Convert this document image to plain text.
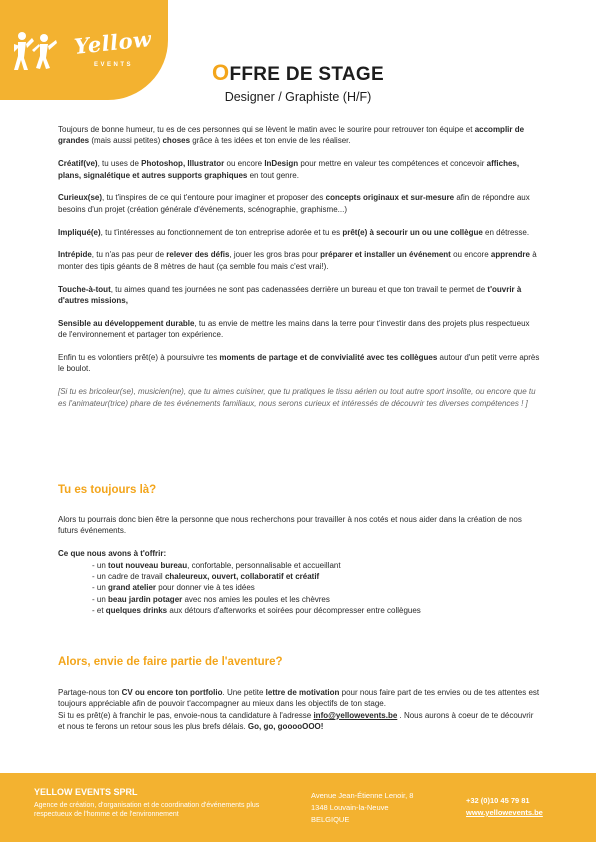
Yellow
EVENTS	OFFRE DE STAGE
Designer / Graphiste (H/F)

Toujours de bonne humeur, tu es de ces personnes qui se lèvent le matin avec le sourire pour retrouver ton équipe et accomplir de grandes (mais aussi petites) choses grâce à tes idées et ton envie de les réaliser.

Créatif(ve), tu uses de Photoshop, Illustrator ou encore InDesign pour mettre en valeur tes compétences et concevoir affiches, plans, signalétique et autres supports graphiques en tout genre.

Curieux(se), tu t'inspires de ce qui t'entoure pour imaginer et proposer des concepts originaux et sur-mesure afin de répondre aux besoins d'un projet (création générale d'événements, scénographie, graphisme...)

Impliqué(e), tu t'intéresses au fonctionnement de ton entreprise adorée et tu es prêt(e) à secourir un ou une collègue en détresse.

Intrépide, tu n'as pas peur de relever des défis, jouer les gros bras pour préparer et installer un événement ou encore apprendre à monter des tipis géants de 8 mètres de haut (ça semble fou mais c'est vrai!).

Touche-à-tout, tu aimes quand tes journées ne sont pas cadenassées derrière un bureau et que ton travail te permet de t'ouvrir à d'autres missions,

Sensible au développement durable, tu as envie de mettre les mains dans la terre pour t'investir dans des projets plus respectueux de l'environnement et partager ton expérience.

Enfin tu es volontiers prêt(e) à poursuivre tes moments de partage et de convivialité avec tes collègues autour d'un petit verre après le boulot.

[Si tu es bricoleur(se), musicien(ne), que tu aimes cuisiner, que tu pratiques le tissu aérien ou tout autre sport insolite, ou encore que tu es l'animateur(trice) phare de tes événements familiaux, nous serons curieux et intéressés de découvrir tes diverses compétences ! ]

Tu es toujours là?

Alors tu pourrais donc bien être la personne que nous recherchons pour travailler à nos cotés et nous aider dans la création de nos futurs événements.

Ce que nous avons à t'offrir:
- un tout nouveau bureau, confortable, personnalisable et accueillant
- un cadre de travail chaleureux, ouvert, collaboratif et créatif
- un grand atelier pour donner vie à tes idées
- un beau jardin potager avec nos amies les poules et les chèvres
- et quelques drinks aux détours d'afterworks et soirées pour décompresser entre collègues
Alors, envie de faire partie de l'aventure?

Partage-nous ton CV ou encore ton portfolio. Une petite lettre de motivation pour nous faire part de tes envies ou de tes attentes est toujours appréciable afin de pouvoir t'accompagner au mieux dans les objectifs de ton stage.

Si tu es prêt(e) à franchir le pas, envoie-nous ta candidature à l'adresse info@yellowevents.be . Nous aurons à coeur de te découvrir et nous te ferons un retour sous les plus brefs délais. Go, go, gooooOOO!

YELLOW EVENTS SPRL
Agence de création, d'organisation et de coordination d'événements plus respectueux de l'homme et de l'environnement
Avenue Jean-Étienne Lenoir, 8
1348 Louvain-la-Neuve
BELGIQUE
+32 (0)10 45 79 81
www.yellowevents.be
